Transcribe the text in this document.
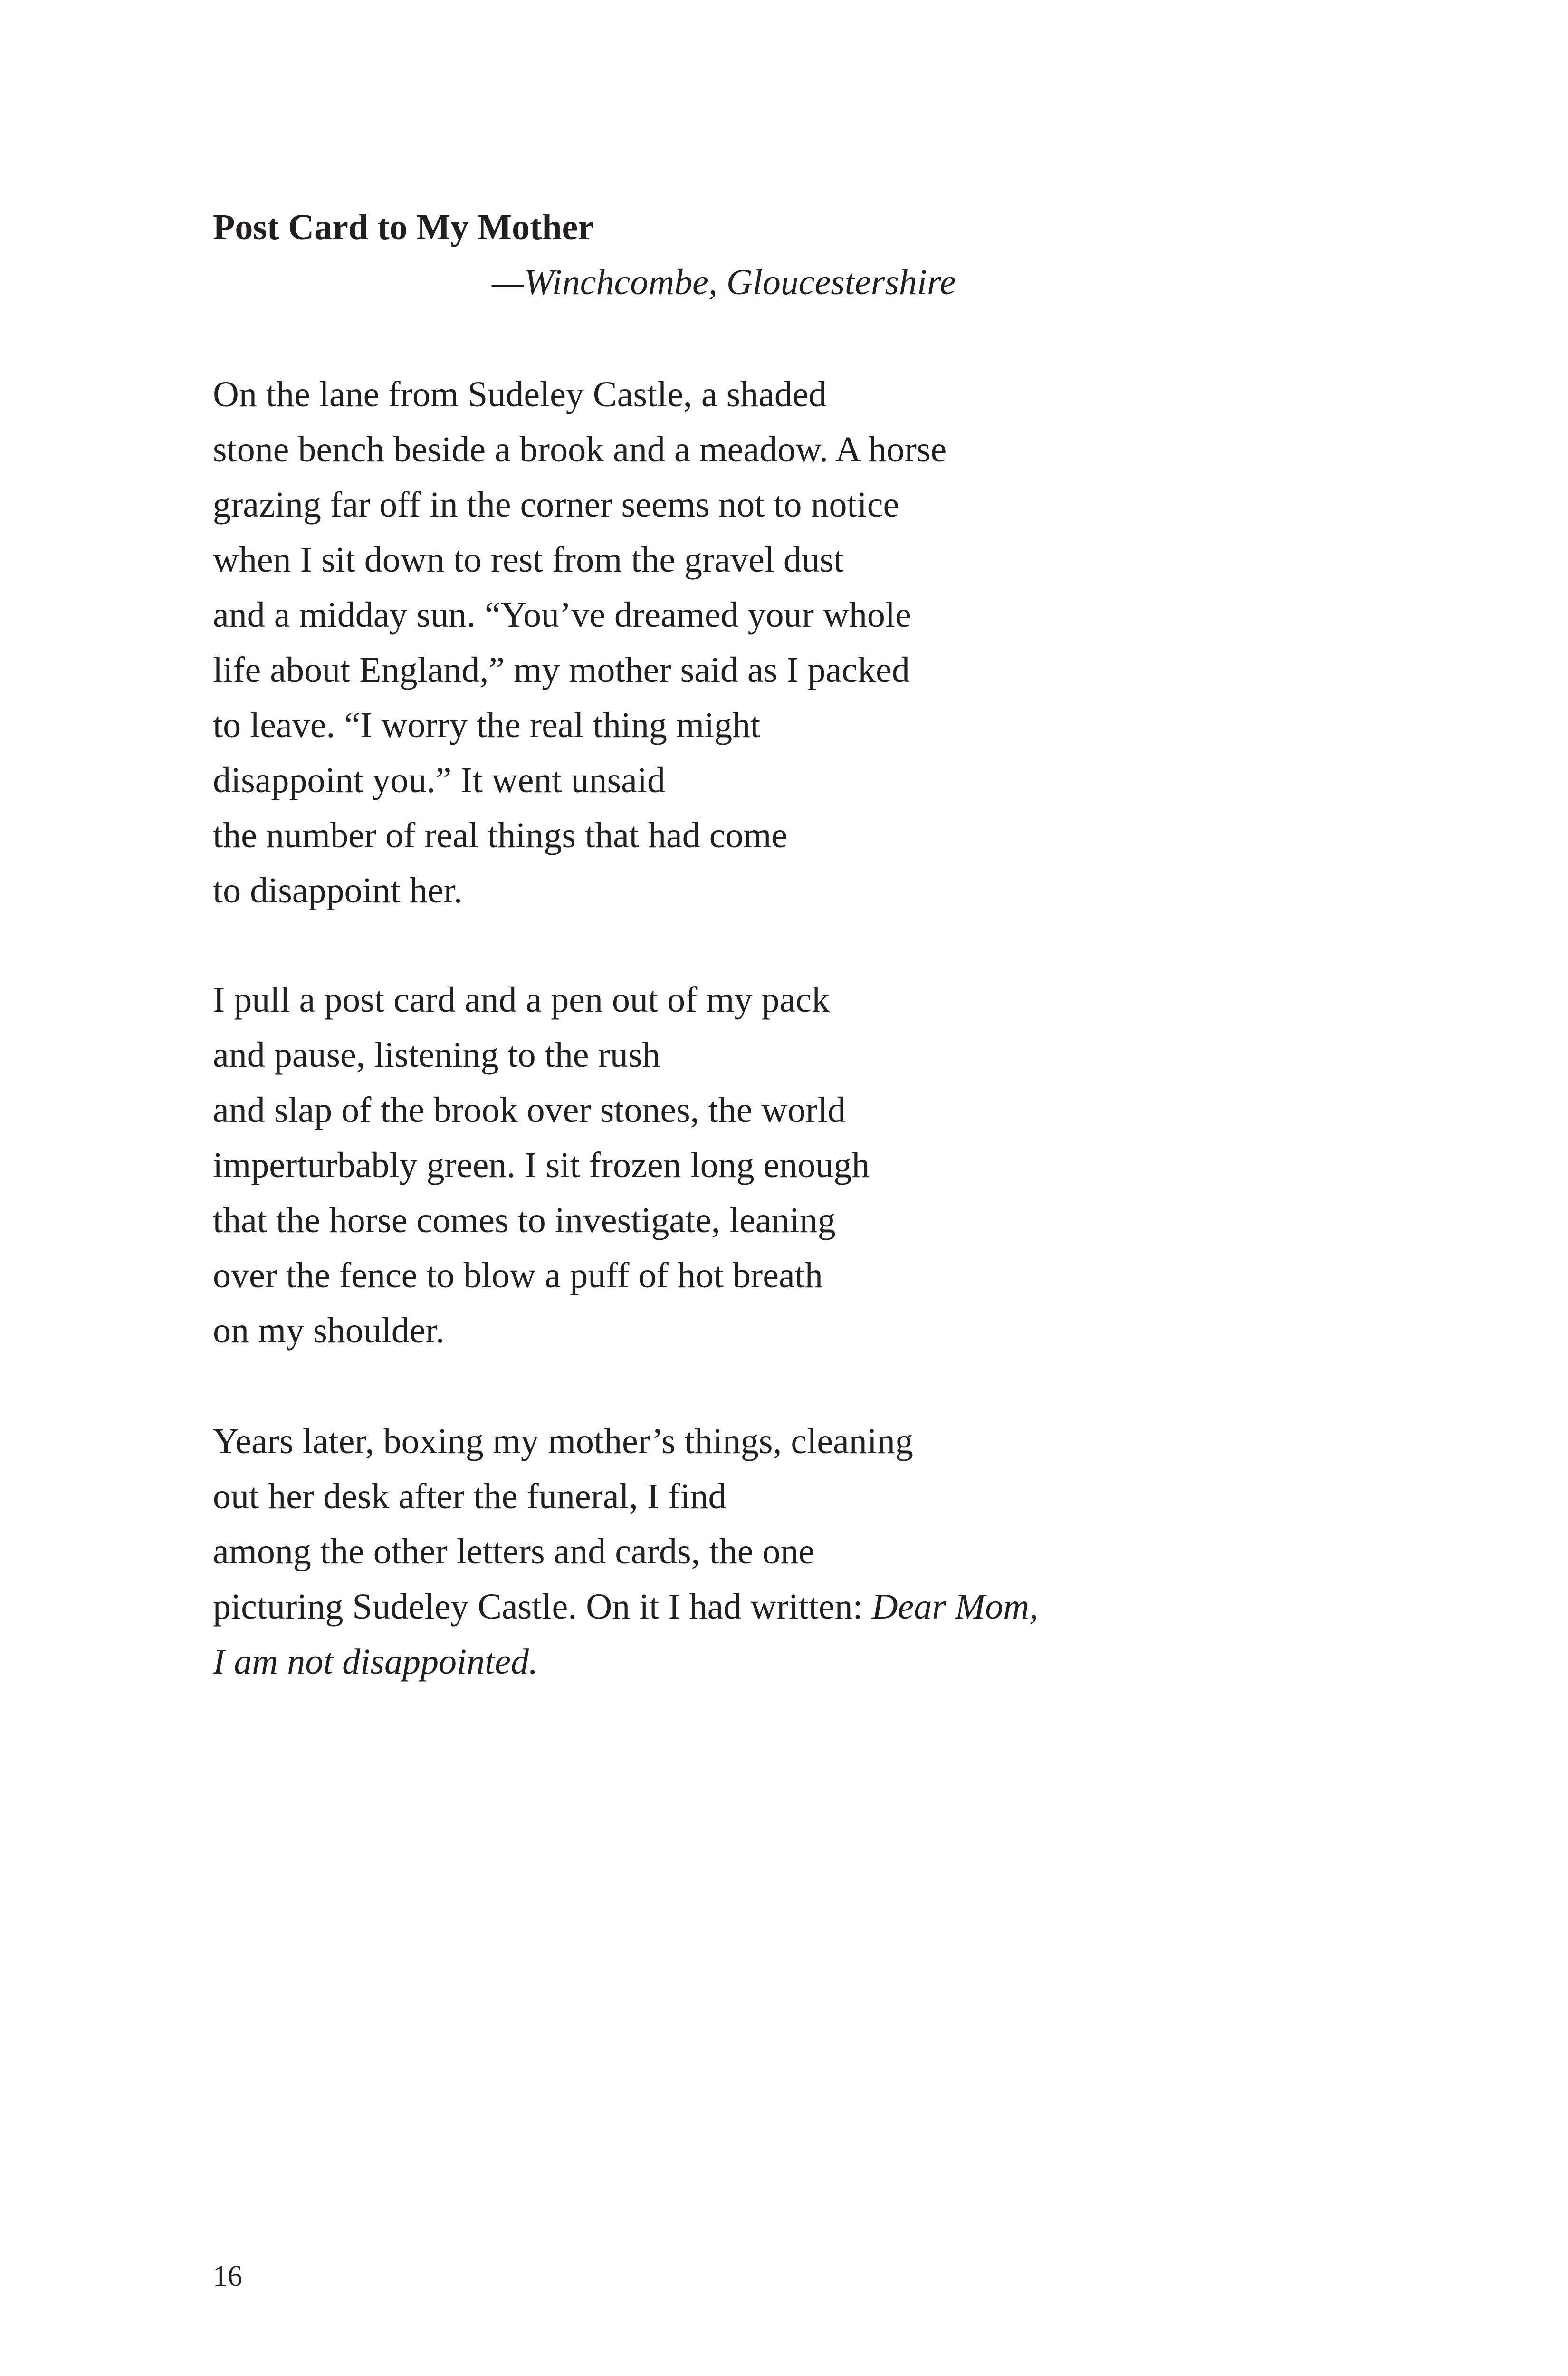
Post Card to My Mother
—Winchcombe, Gloucestershire
On the lane from Sudeley Castle, a shaded
stone bench beside a brook and a meadow. A horse
grazing far off in the corner seems not to notice
when I sit down to rest from the gravel dust
and a midday sun. “You’ve dreamed your whole
life about England,” my mother said as I packed
to leave. “I worry the real thing might
disappoint you.” It went unsaid
the number of real things that had come
to disappoint her.
I pull a post card and a pen out of my pack
and pause, listening to the rush
and slap of the brook over stones, the world
imperturbably green. I sit frozen long enough
that the horse comes to investigate, leaning
over the fence to blow a puff of hot breath
on my shoulder.
Years later, boxing my mother’s things, cleaning
out her desk after the funeral, I find
among the other letters and cards, the one
picturing Sudeley Castle. On it I had written: Dear Mom,
I am not disappointed.
16
